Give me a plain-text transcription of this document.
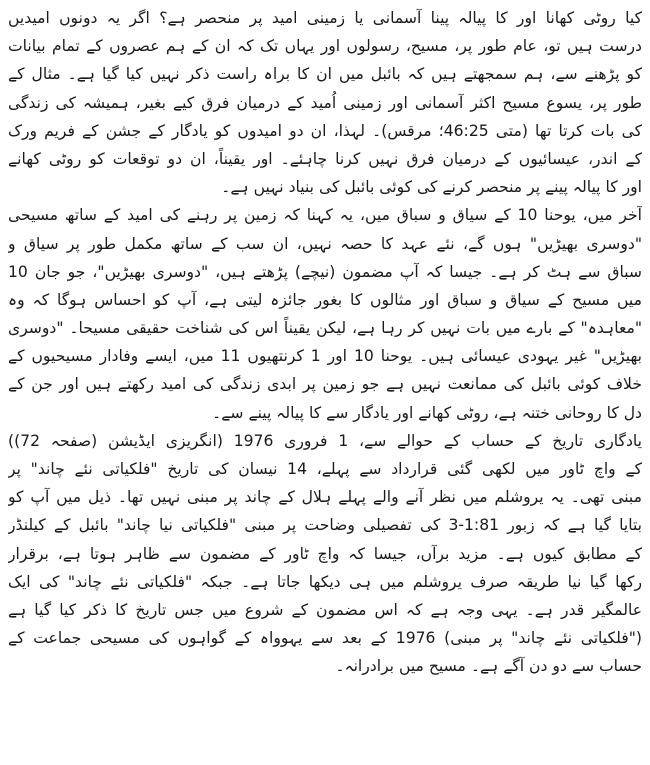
کیا روٹی کھانا اور کا پیالہ پینا آسمانی یا زمینی امید پر منحصر ہے؟ اگر یہ دونوں امیدیں
درست ہیں تو، عام طور پر، مسیح، رسولوں اور یہاں تک کہ ان کے ہم عصروں کے تمام بیانات
کو پڑھنے سے، ہم سمجھتے ہیں کہ بائبل میں ان کا براہ راست ذکر نہیں کیا گیا ہے۔ مثال کے
طور پر، یسوع مسیح اکثر آسمانی اور زمینی اُمید کے درمیان فرق کیے بغیر، ہمیشہ کی زندگی
کی بات کرتا تھا (متی 46:25؛ مرقس)۔ لہذا، ان دو امیدوں کو یادگار کے جشن کے فریم ورک
کے اندر، عیسائیوں کے درمیان فرق نہیں کرنا چاہئے۔ اور یقیناً، ان دو توقعات کو روٹی کھانے
اور کا پیالہ پینے پر منحصر کرنے کی کوئی بائبل کی بنیاد نہیں ہے۔

آخر میں، یوحنا 10 کے سیاق و سباق میں، یہ کہنا کہ زمین پر رہنے کی امید کے ساتھ مسیحی
"دوسری بھیڑیں" ہوں گے، نئے عہد کا حصہ نہیں، ان سب کے ساتھ مکمل طور پر سیاق و
سباق سے ہٹ کر ہے۔ جیسا کہ آپ مضمون (نیچے) پڑھتے ہیں، "دوسری بھیڑیں"، جو جان 10
میں مسیح کے سیاق و سباق اور مثالوں کا بغور جائزہ لیتی ہے، آپ کو احساس ہوگا کہ وہ
"معاہدہ" کے بارے میں بات نہیں کر رہا ہے، لیکن یقیناً اس کی شناخت حقیقی مسیحا۔ "دوسری
بھیڑیں" غیر یہودی عیسائی ہیں۔ یوحنا 10 اور 1 کرنتھیوں 11 میں، ایسے وفادار مسیحیوں کے
خلاف کوئی بائبل کی ممانعت نہیں ہے جو زمین پر ابدی زندگی کی امید رکھتے ہیں اور جن کے
دل کا روحانی ختنہ ہے، روٹی کھانے اور یادگار سے کا پیالہ پینے سے۔

یادگاری تاریخ کے حساب کے حوالے سے، 1 فروری 1976 (انگریزی ایڈیشن (صفحہ 72))
کے واچ ٹاور میں لکھی گئی قرارداد سے پہلے، 14 نیسان کی تاریخ "فلکیاتی نئے چاند" پر
مبنی تھی۔ یہ یروشلم میں نظر آنے والے پہلے ہلال کے چاند پر مبنی نہیں تھا۔ ذیل میں آپ کو
بتایا گیا ہے کہ زبور 1:81-3 کی تفصیلی وضاحت پر مبنی "فلکیاتی نیا چاند" بائبل کے کیلنڈر
کے مطابق کیوں ہے۔ مزید برآں، جیسا کہ واچ ٹاور کے مضمون سے ظاہر ہوتا ہے، برقرار
رکھا گیا نیا طریقہ صرف یروشلم میں ہی دیکھا جاتا ہے۔ جبکہ "فلکیاتی نئے چاند" کی ایک
عالمگیر قدر ہے۔ یہی وجہ ہے کہ اس مضمون کے شروع میں جس تاریخ کا ذکر کیا گیا ہے
("فلکیاتی نئے چاند" پر مبنی) 1976 کے بعد سے یہوواہ کے گواہوں کی مسیحی جماعت کے
حساب سے دو دن آگے ہے۔ مسیح میں برادرانہ۔
